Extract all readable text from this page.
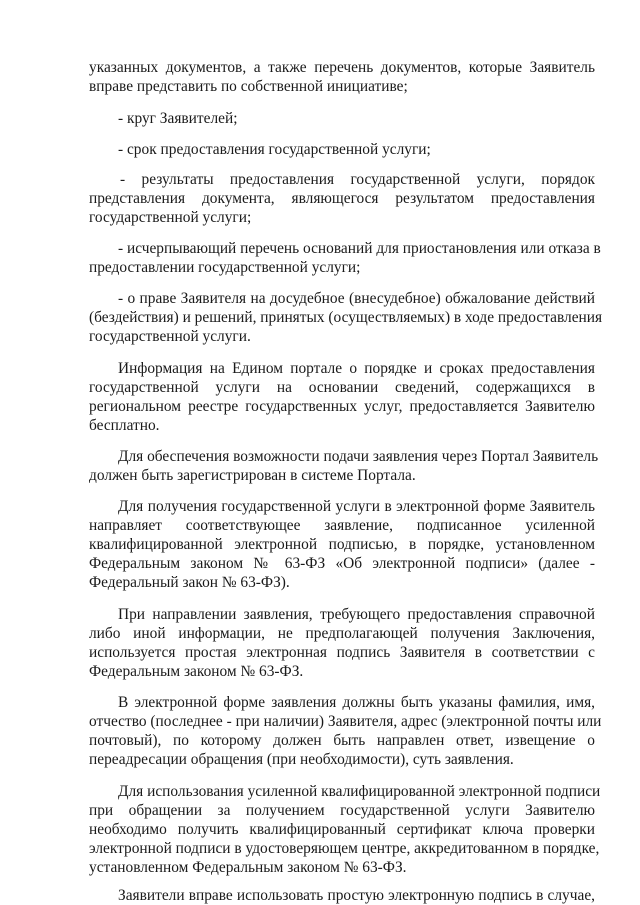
указанных документов, а также перечень документов, которые Заявитель
вправе представить по собственной инициативе;
- круг Заявителей;
- срок предоставления государственной услуги;
- результаты предоставления государственной услуги, порядок
представления документа, являющегося результатом предоставления
государственной услуги;
- исчерпывающий перечень оснований для приостановления или отказа в
предоставлении государственной услуги;
- о праве Заявителя на досудебное (внесудебное) обжалование действий
(бездействия) и решений, принятых (осуществляемых) в ходе предоставления
государственной услуги.
Информация на Едином портале о порядке и сроках предоставления
государственной услуги на основании сведений, содержащихся в
региональном реестре государственных услуг, предоставляется Заявителю
бесплатно.
Для обеспечения возможности подачи заявления через Портал Заявитель
должен быть зарегистрирован в системе Портала.
Для получения государственной услуги в электронной форме Заявитель
направляет соответствующее заявление, подписанное усиленной
квалифицированной электронной подписью, в порядке, установленном
Федеральным законом № 63-ФЗ «Об электронной подписи» (далее -
Федеральный закон № 63-ФЗ).
При направлении заявления, требующего предоставления справочной
либо иной информации, не предполагающей получения Заключения,
используется простая электронная подпись Заявителя в соответствии с
Федеральным законом № 63-ФЗ.
В электронной форме заявления должны быть указаны фамилия, имя,
отчество (последнее - при наличии) Заявителя, адрес (электронной почты или
почтовый), по которому должен быть направлен ответ, извещение о
переадресации обращения (при необходимости), суть заявления.
Для использования усиленной квалифицированной электронной подписи
при обращении за получением государственной услуги Заявителю
необходимо получить квалифицированный сертификат ключа проверки
электронной подписи в удостоверяющем центре, аккредитованном в порядке,
установленном Федеральным законом № 63-ФЗ.
Заявители вправе использовать простую электронную подпись в случае,
